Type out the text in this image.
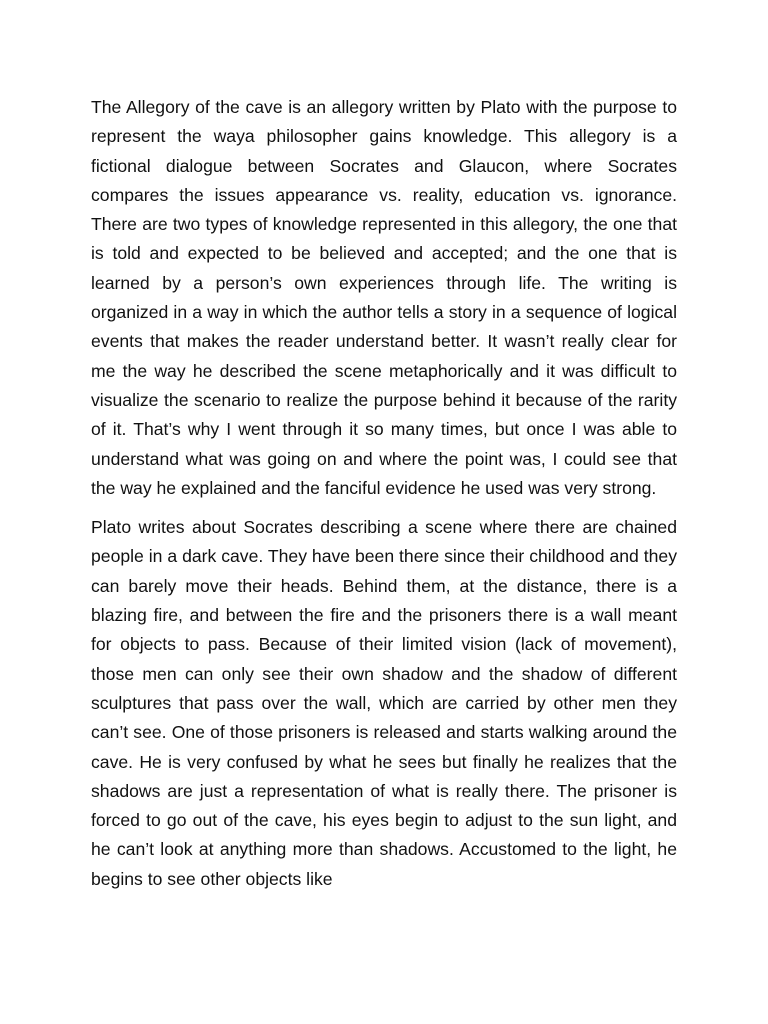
The Allegory of the cave is an allegory written by Plato with the purpose to represent the waya philosopher gains knowledge. This allegory is a fictional dialogue between Socrates and Glaucon, where Socrates compares the issues appearance vs. reality, education vs. ignorance. There are two types of knowledge represented in this allegory, the one that is told and expected to be believed and accepted; and the one that is learned by a person’s own experiences through life. The writing is organized in a way in which the author tells a story in a sequence of logical events that makes the reader understand better. It wasn’t really clear for me the way he described the scene metaphorically and it was difficult to visualize the scenario to realize the purpose behind it because of the rarity of it. That’s why I went through it so many times, but once I was able to understand what was going on and where the point was, I could see that the way he explained and the fanciful evidence he used was very strong.

Plato writes about Socrates describing a scene where there are chained people in a dark cave. They have been there since their childhood and they can barely move their heads. Behind them, at the distance, there is a blazing fire, and between the fire and the prisoners there is a wall meant for objects to pass. Because of their limited vision (lack of movement), those men can only see their own shadow and the shadow of different sculptures that pass over the wall, which are carried by other men they can’t see. One of those prisoners is released and starts walking around the cave. He is very confused by what he sees but finally he realizes that the shadows are just a representation of what is really there. The prisoner is forced to go out of the cave, his eyes begin to adjust to the sun light, and he can’t look at anything more than shadows. Accustomed to the light, he begins to see other objects like
